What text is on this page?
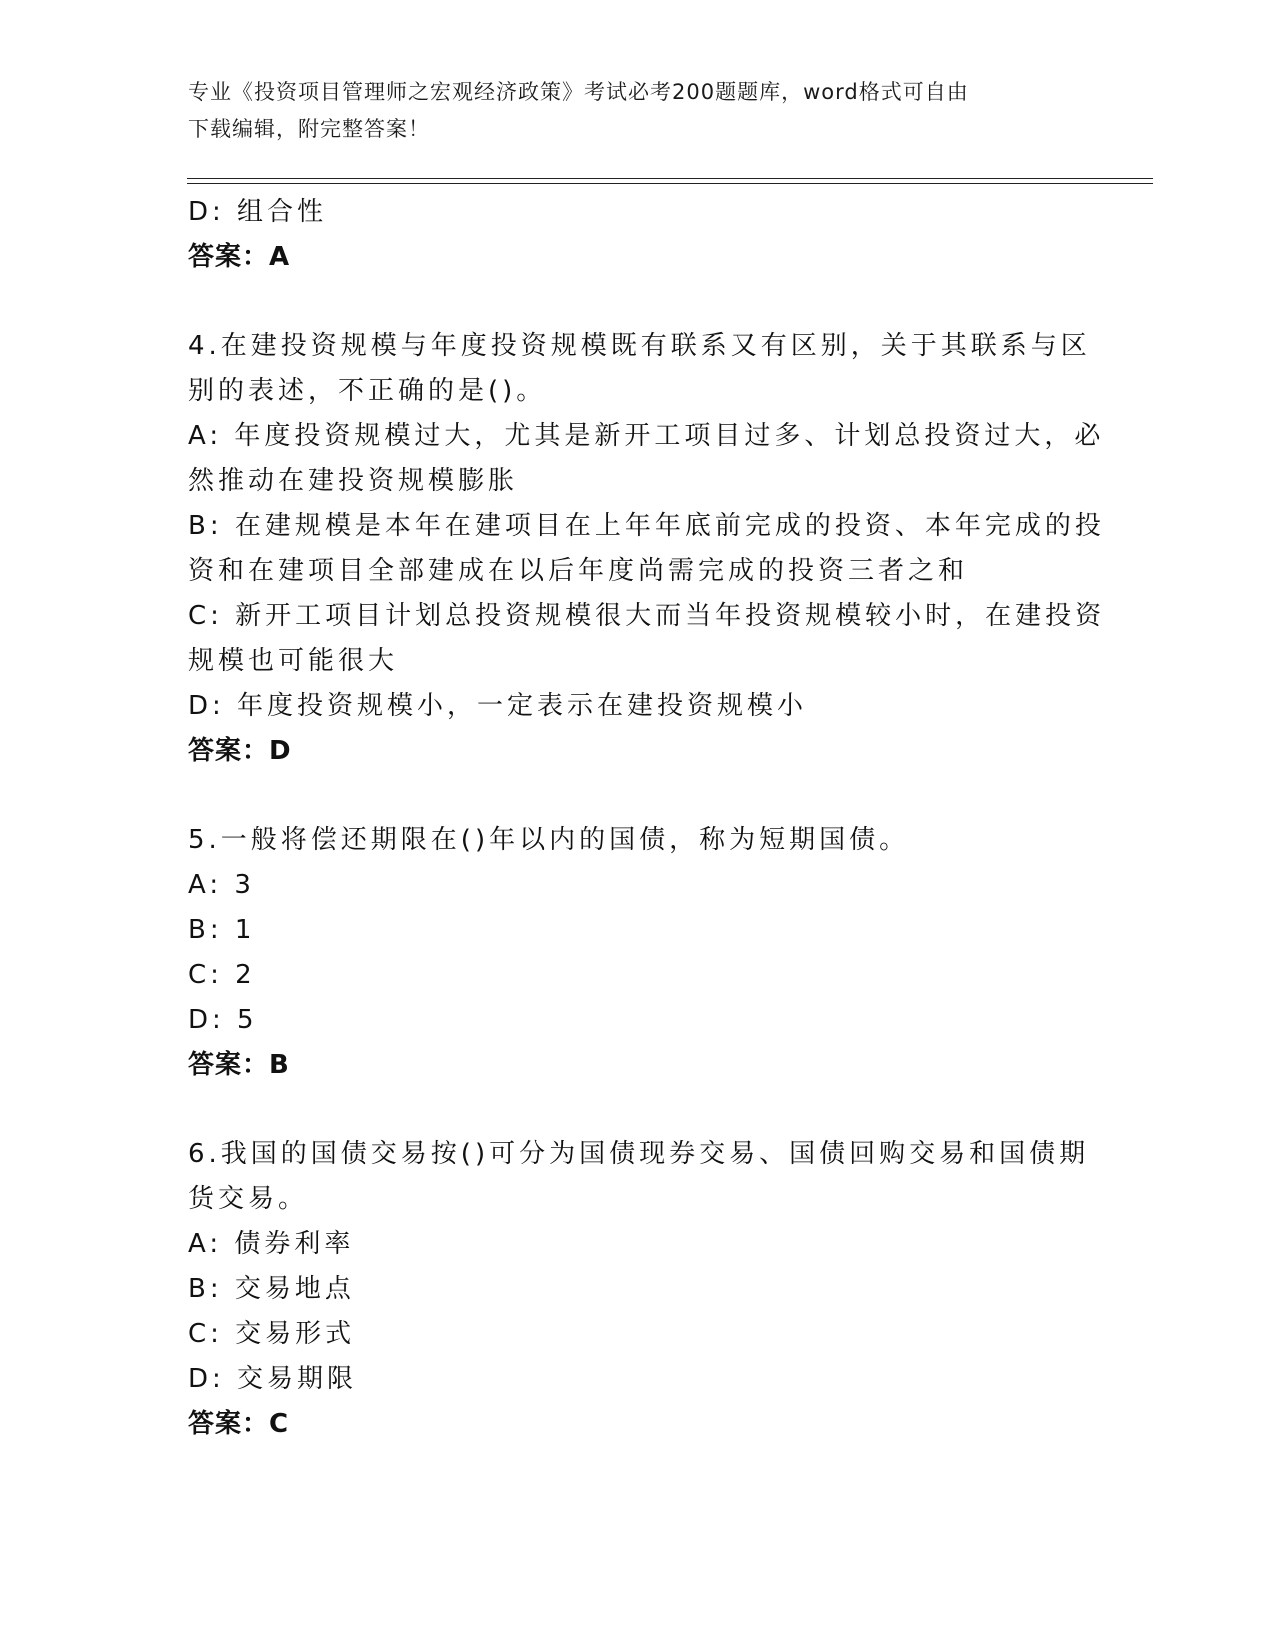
专业《投资项目管理师之宏观经济政策》考试必考200题题库，word格式可自由
下载编辑，附完整答案！
D: 组合性
答案：A
4.在建投资规模与年度投资规模既有联系又有区别，关于其联系与区
别的表述，不正确的是()。
A: 年度投资规模过大，尤其是新开工项目过多、计划总投资过大，必
然推动在建投资规模膨胀
B: 在建规模是本年在建项目在上年年底前完成的投资、本年完成的投
资和在建项目全部建成在以后年度尚需完成的投资三者之和
C: 新开工项目计划总投资规模很大而当年投资规模较小时，在建投资
规模也可能很大
D: 年度投资规模小，一定表示在建投资规模小
答案：D
5.一般将偿还期限在()年以内的国债，称为短期国债。
A: 3
B: 1
C: 2
D: 5
答案：B
6.我国的国债交易按()可分为国债现券交易、国债回购交易和国债期
货交易。
A: 债券利率
B: 交易地点
C: 交易形式
D: 交易期限
答案：C
